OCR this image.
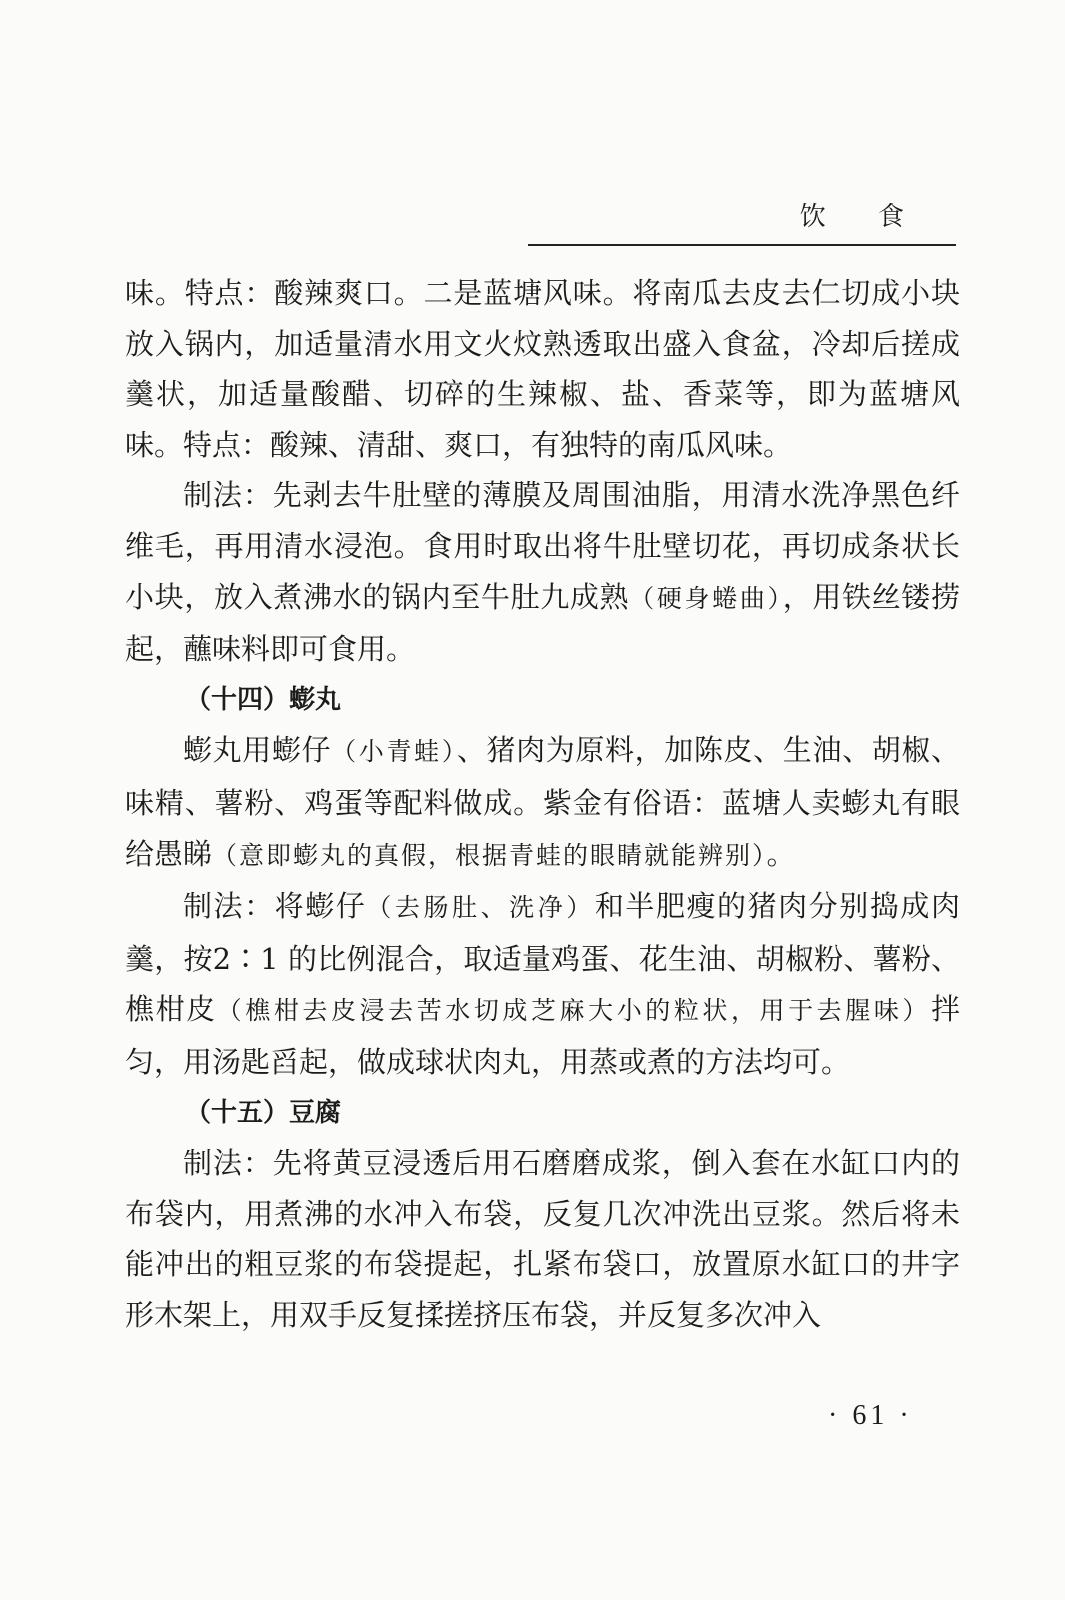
饮 食

味。特点：酸辣爽口。二是蓝塘风味。将南瓜去皮去仁切成小块放入锅内，加适量清水用文火炆熟透取出盛入食盆，冷却后搓成羹状，加适量酸醋、切碎的生辣椒、盐、香菜等，即为蓝塘风味。特点：酸辣、清甜、爽口，有独特的南瓜风味。

制法：先剥去牛肚壁的薄膜及周围油脂，用清水洗净黑色纤维毛，再用清水浸泡。食用时取出将牛肚壁切花，再切成条状长小块，放入煮沸水的锅内至牛肚九成熟（硬身蜷曲），用铁丝镂捞起，蘸味料即可食用。

（十四）蟛丸

蟛丸用蟛仔（小青蛙）、猪肉为原料，加陈皮、生油、胡椒、味精、薯粉、鸡蛋等配料做成。紫金有俗语：蓝塘人卖蟛丸有眼给愚睇（意即蟛丸的真假，根据青蛙的眼睛就能辨别）。

制法：将蟛仔（去肠肚、洗净）和半肥瘦的猪肉分别捣成肉羹，按2∶1 的比例混合，取适量鸡蛋、花生油、胡椒粉、薯粉、樵柑皮（樵柑去皮浸去苦水切成芝麻大小的粒状，用于去腥味）拌匀，用汤匙舀起，做成球状肉丸，用蒸或煮的方法均可。

（十五）豆腐

制法：先将黄豆浸透后用石磨磨成浆，倒入套在水缸口内的布袋内，用煮沸的水冲入布袋，反复几次冲洗出豆浆。然后将未能冲出的粗豆浆的布袋提起，扎紧布袋口，放置原水缸口的井字形木架上，用双手反复揉搓挤压布袋，并反复多次冲入

· 61 ·
